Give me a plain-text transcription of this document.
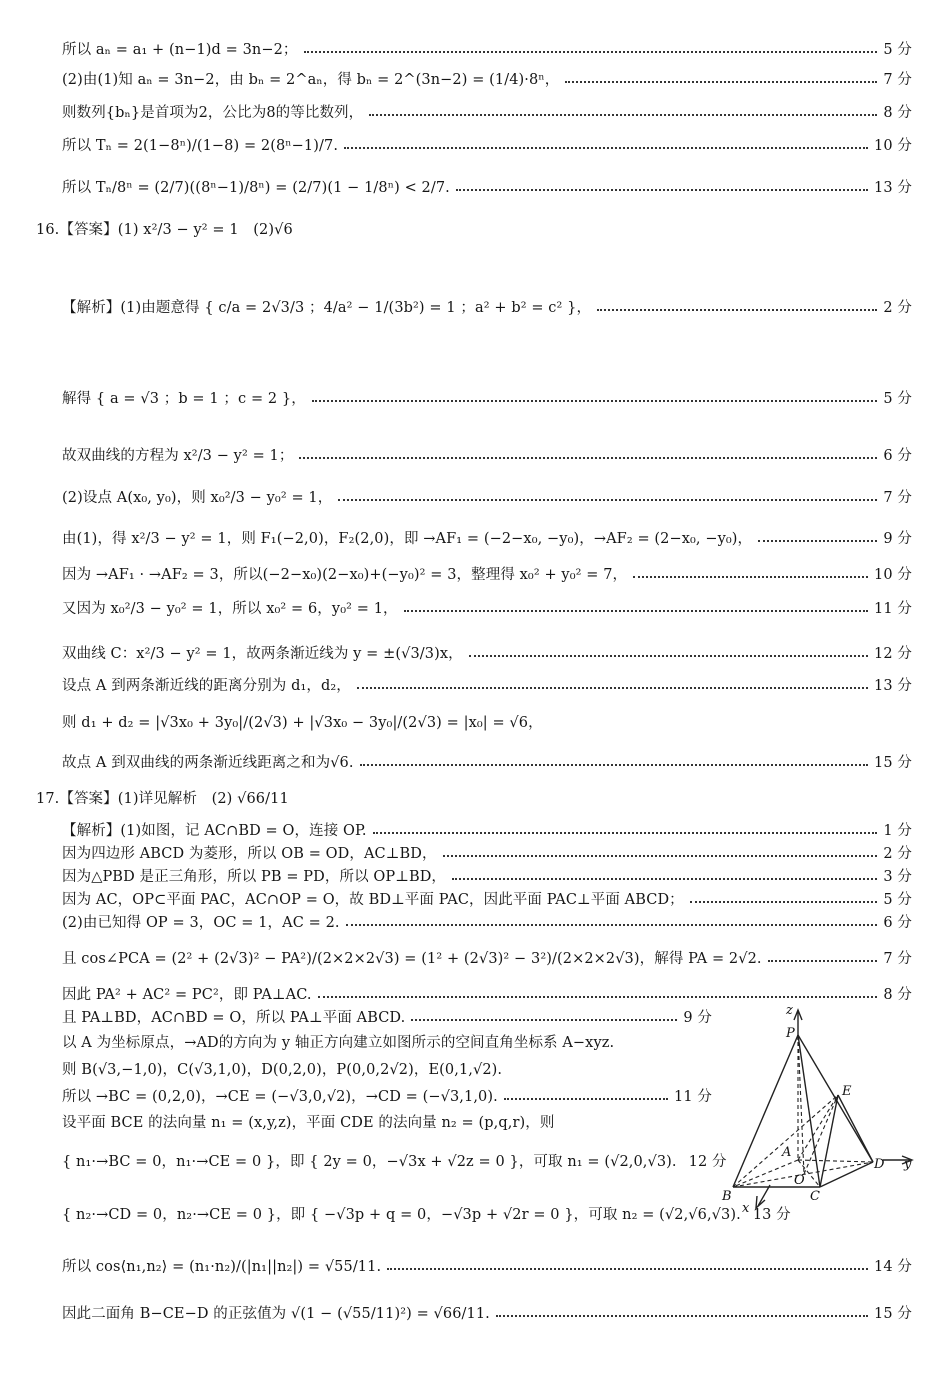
所以 aₙ = a₁ + (n−1)d = 3n−2；	5 分
(2)由(1)知 aₙ = 3n−2，由 bₙ = 2^aₙ，得 bₙ = 2^(3n−2) = (1/4)·8ⁿ，	7 分
则数列{bₙ}是首项为2，公比为8的等比数列，	8 分
所以 Tₙ = 2(1−8ⁿ)/(1−8) = 2(8ⁿ−1)/7.	10 分
所以 Tₙ/8ⁿ = (2/7)((8ⁿ−1)/8ⁿ) = (2/7)(1 − 1/8ⁿ) < 2/7.	13 分
16.【答案】(1) x²/3 − y² = 1　(2)√6
【解析】(1)由题意得 { c/a = 2√3/3 ；4/a² − 1/(3b²) = 1 ；a² + b² = c² }，	2 分
解得 { a = √3 ；b = 1 ；c = 2 }，	5 分
故双曲线的方程为 x²/3 − y² = 1；	6 分
(2)设点 A(x₀, y₀)，则 x₀²/3 − y₀² = 1，	7 分
由(1)，得 x²/3 − y² = 1，则 F₁(−2,0)，F₂(2,0)，即 →AF₁ = (−2−x₀, −y₀)，→AF₂ = (2−x₀, −y₀)，	9 分
因为 →AF₁ · →AF₂ = 3，所以(−2−x₀)(2−x₀)+(−y₀)² = 3，整理得 x₀² + y₀² = 7，	10 分
又因为 x₀²/3 − y₀² = 1，所以 x₀² = 6，y₀² = 1，	11 分
双曲线 C：x²/3 − y² = 1，故两条渐近线为 y = ±(√3/3)x，	12 分
设点 A 到两条渐近线的距离分别为 d₁，d₂，	13 分
则 d₁ + d₂ = |√3x₀ + 3y₀|/(2√3) + |√3x₀ − 3y₀|/(2√3) = |x₀| = √6，
故点 A 到双曲线的两条渐近线距离之和为√6.	15 分
17.【答案】(1)详见解析　(2) √66/11
【解析】(1)如图，记 AC∩BD = O，连接 OP.	1 分
因为四边形 ABCD 为菱形，所以 OB = OD，AC⊥BD，	2 分
因为△PBD 是正三角形，所以 PB = PD，所以 OP⊥BD，	3 分
因为 AC，OP⊂平面 PAC，AC∩OP = O，故 BD⊥平面 PAC，因此平面 PAC⊥平面 ABCD；	5 分
(2)由已知得 OP = 3，OC = 1，AC = 2.	6 分
且 cos∠PCA = (2² + (2√3)² − PA²)/(2×2×2√3) = (1² + (2√3)² − 3²)/(2×2×2√3)，解得 PA = 2√2.	7 分
因此 PA² + AC² = PC²，即 PA⊥AC.	8 分
且 PA⊥BD，AC∩BD = O，所以 PA⊥平面 ABCD.	9 分
以 A 为坐标原点，→AD的方向为 y 轴正方向建立如图所示的空间直角坐标系 A−xyz.
则 B(√3,−1,0)，C(√3,1,0)，D(0,2,0)，P(0,0,2√2)，E(0,1,√2).
所以 →BC = (0,2,0)，→CE = (−√3,0,√2)，→CD = (−√3,1,0).	11 分
设平面 BCE 的法向量 n₁ = (x,y,z)，平面 CDE 的法向量 n₂ = (p,q,r)，则
{ n₁·→BC = 0，n₁·→CE = 0 }，即 { 2y = 0，−√3x + √2z = 0 }，可取 n₁ = (√2,0,√3). 12 分
{ n₂·→CD = 0，n₂·→CE = 0 }，即 { −√3p + q = 0，−√3p + √2r = 0 }，可取 n₂ = (√2,√6,√3). 13 分
所以 cos⟨n₁,n₂⟩ = (n₁·n₂)/(|n₁||n₂|) = √55/11.	14 分
因此二面角 B−CE−D 的正弦值为 √(1 − (√55/11)²) = √66/11.	15 分
z
P
E
A
O
D y
B	C
x
